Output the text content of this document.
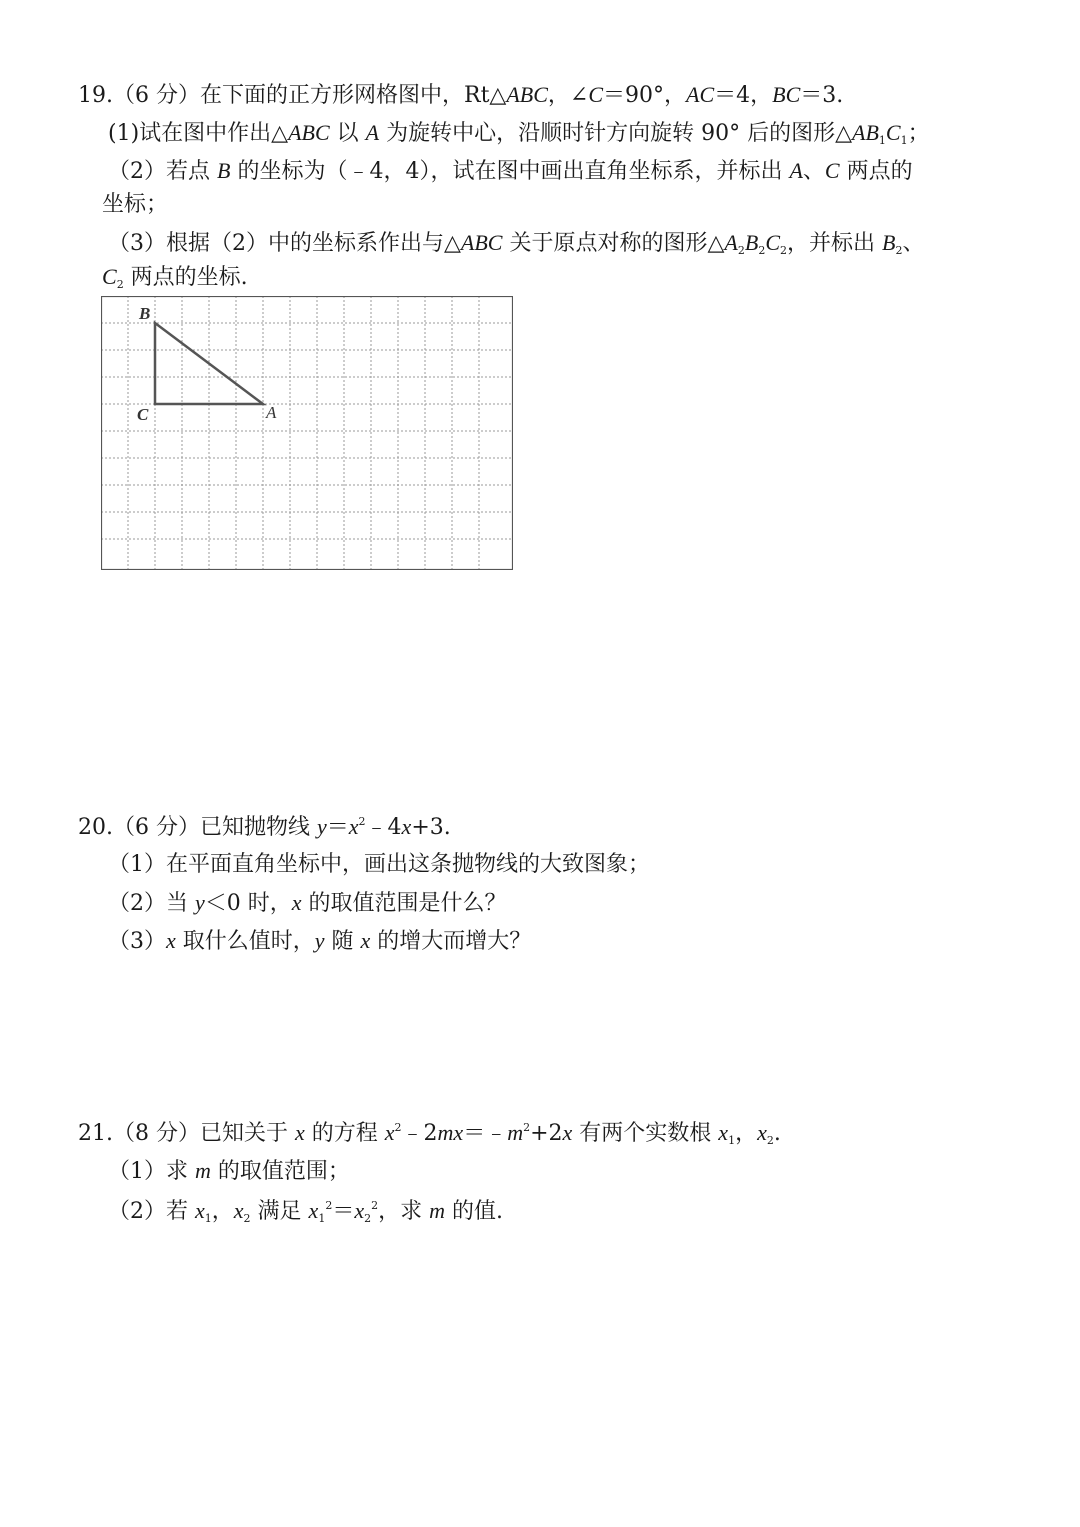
19.（6 分）在下面的正方形网格图中，Rt△ABC，∠C＝90°，AC＝4，BC＝3.
(1)试在图中作出△ABC 以 A 为旋转中心，沿顺时针方向旋转 90° 后的图形$\triangle AB_1C_1$；
（2）若点 B 的坐标为（﹣4，4），试在图中画出直角坐标系，并标出 A、C 两点的
坐标；
（3）根据（2）中的坐标系作出与△ABC 关于原点对称的图形$\triangle A_2B_2C_2$，并标出 $B_2$、
$C_2$ 两点的坐标.
B
C	A
20.（6 分）已知抛物线 $y=x^2﹣4x+3$.
（1）在平面直角坐标中，画出这条抛物线的大致图象；
（2）当 y＜0 时，x 的取值范围是什么？
（3）x 取什么值时，y 随 x 的增大而增大？
21.（8 分）已知关于 x 的方程 $x^2﹣2mx=﹣m^2+2x$ 有两个实数根 $x_1$，$x_2$.
（1）求 m 的取值范围；
（2）若 $x_1$，$x_2$ 满足 $x_1^2=x_2^2$，求 m 的值.
